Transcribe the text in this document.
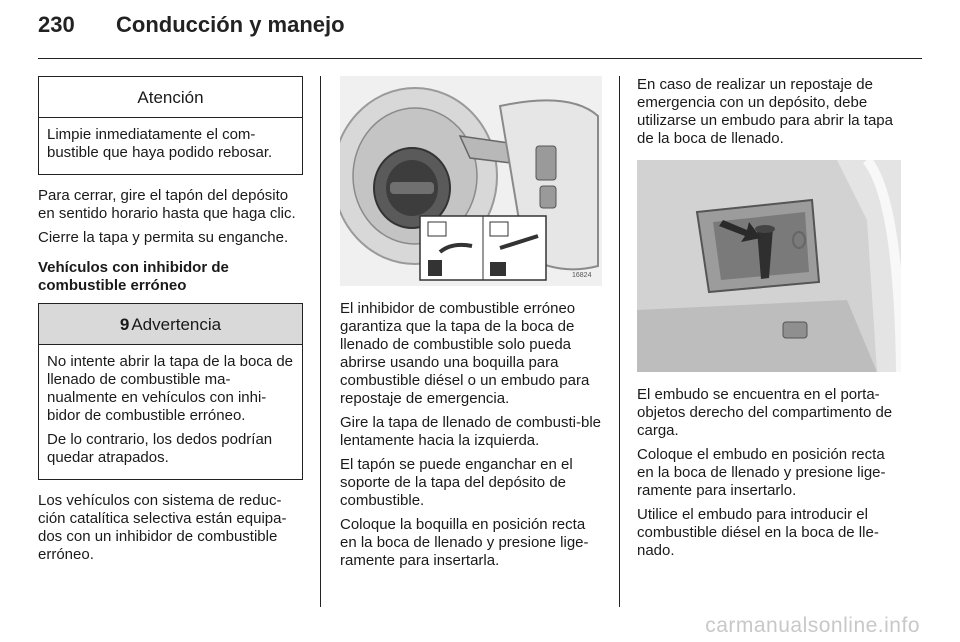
230 Conducción y manejo
Atención

Limpie inmediatamente el com-bustible que haya podido rebosar.

Para cerrar, gire el tapón del depósito en sentido horario hasta que haga clic.

Cierre la tapa y permita su enganche.

Vehículos con inhibidor de combustible erróneo
9 Advertencia

No intente abrir la tapa de la boca de llenado de combustible ma-nualmente en vehículos con inhi-bidor de combustible erróneo.

De lo contrario, los dedos podrían quedar atrapados.

Los vehículos con sistema de reduc-ción catalítica selectiva están equipa-dos con un inhibidor de combustible erróneo.

16824

El inhibidor de combustible erróneo garantiza que la tapa de la boca de llenado de combustible solo pueda abrirse usando una boquilla para combustible diésel o un embudo para repostaje de emergencia.

Gire la tapa de llenado de combusti-ble lentamente hacia la izquierda.

El tapón se puede enganchar en el soporte de la tapa del depósito de combustible.

Coloque la boquilla en posición recta en la boca de llenado y presione lige-ramente para insertarla.

En caso de realizar un repostaje de emergencia con un depósito, debe utilizarse un embudo para abrir la tapa de la boca de llenado.

El embudo se encuentra en el porta-objetos derecho del compartimento de carga.

Coloque el embudo en posición recta en la boca de llenado y presione lige-ramente para insertarlo.

Utilice el embudo para introducir el combustible diésel en la boca de lle-nado.

carmanualsonline.info
